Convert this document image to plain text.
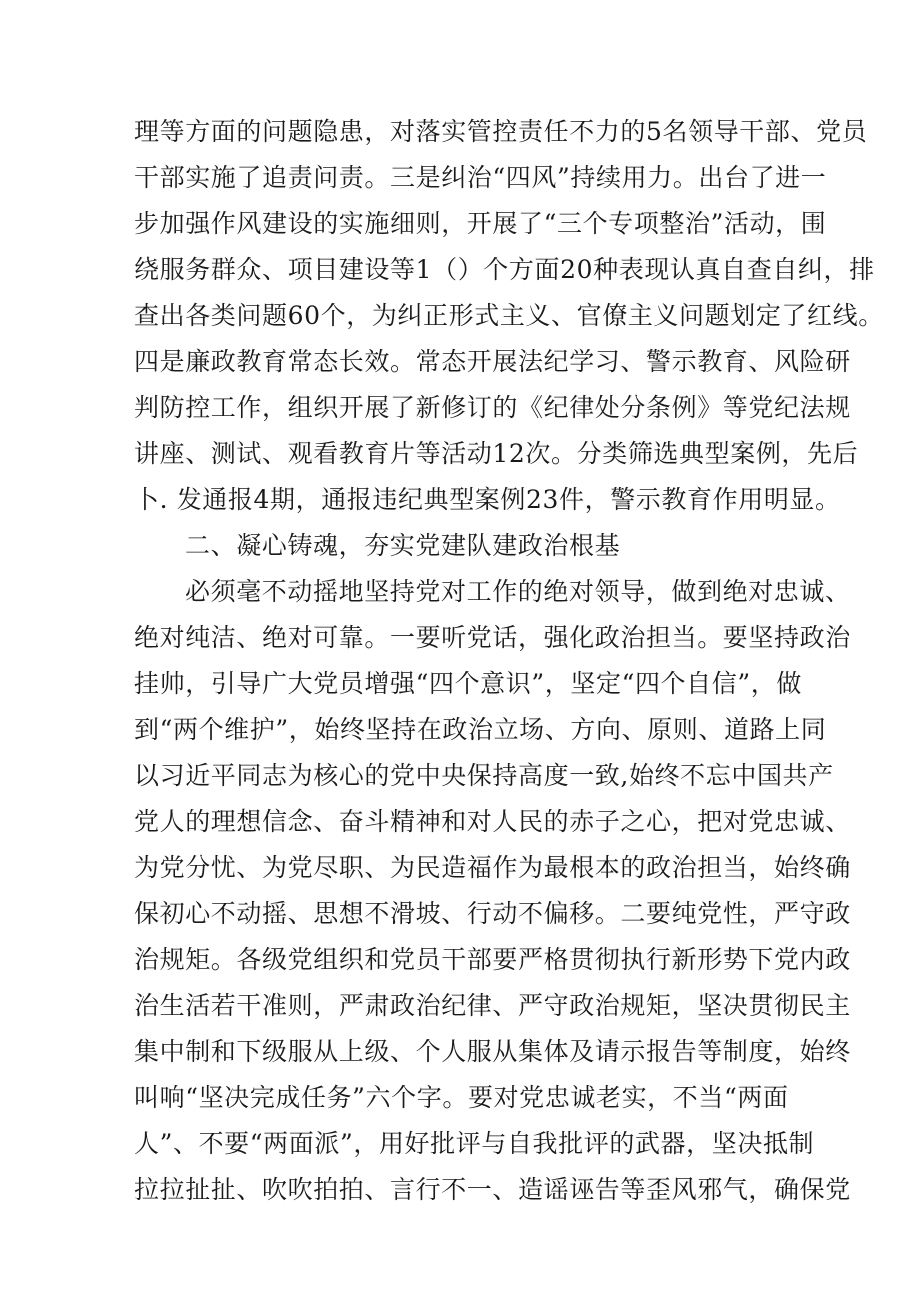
理等方面的问题隐患，对落实管控责任不力的5名领导干部、党员
干部实施了追责问责。三是纠治“四风”持续用力。出台了进一
步加强作风建设的实施细则，开展了“三个专项整治”活动，围
绕服务群众、项目建设等1（）个方面20种表现认真自查自纠，排
查出各类问题60个，为纠正形式主义、官僚主义问题划定了红线。
四是廉政教育常态长效。常态开展法纪学习、警示教育、风险研
判防控工作，组织开展了新修订的《纪律处分条例》等党纪法规
讲座、测试、观看教育片等活动12次。分类筛选典型案例，先后
卜. 发通报4期，通报违纪典型案例23件，警示教育作用明显。
二、凝心铸魂，夯实党建队建政治根基
必须毫不动摇地坚持党对工作的绝对领导，做到绝对忠诚、
绝对纯洁、绝对可靠。一要听党话，强化政治担当。要坚持政治
挂帅，引导广大党员增强“四个意识”，坚定“四个自信”，做
到“两个维护”，始终坚持在政治立场、方向、原则、道路上同
以习近平同志为核心的党中央保持高度一致,始终不忘中国共产
党人的理想信念、奋斗精神和对人民的赤子之心，把对党忠诚、
为党分忧、为党尽职、为民造福作为最根本的政治担当，始终确
保初心不动摇、思想不滑坡、行动不偏移。二要纯党性，严守政
治规矩。各级党组织和党员干部要严格贯彻执行新形势下党内政
治生活若干准则，严肃政治纪律、严守政治规矩，坚决贯彻民主
集中制和下级服从上级、个人服从集体及请示报告等制度，始终
叫响“坚决完成任务”六个字。要对党忠诚老实，不当“两面
人”、不要“两面派”，用好批评与自我批评的武器，坚决抵制
拉拉扯扯、吹吹拍拍、言行不一、造谣诬告等歪风邪气，确保党
